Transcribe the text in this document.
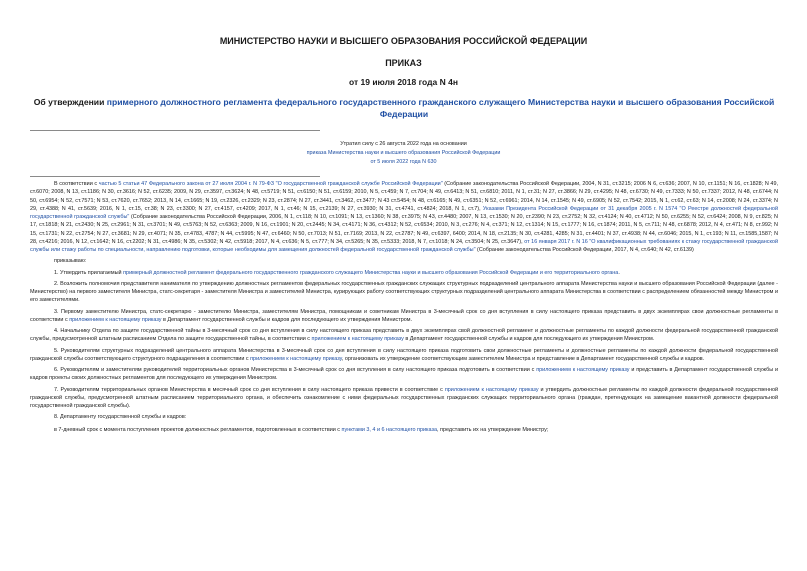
МИНИСТЕРСТВО НАУКИ И ВЫСШЕГО ОБРАЗОВАНИЯ РОССИЙСКОЙ ФЕДЕРАЦИИ
ПРИКАЗ
от 19 июля 2018 года N 4н
Об утверждении примерного должностного регламента федерального государственного гражданского служащего Министерства науки и высшего образования Российской Федерации
Утратил силу с 26 августа 2022 года на основании
приказа Министерства науки и высшего образования Российской Федерации
от 5 июля 2022 года N 630

В соответствии с частью 5 статьи 47 Федерального закона от 27 июля 2004 г. N 79-ФЗ "О государственной гражданской службе Российской Федерации" (Собрание законодательства Российской Федерации, 2004, N 31, ст.3215; 2006 N 6, ст.636; 2007, N 10, ст.1151; N 16, ст.1828; N 49, ст.6070; 2008, N 13, ст.1186; N 30, ст.3616; N 52, ст.6235; 2009, N 29, ст.3597, ст.3624; N 48, ст.5719; N 51, ст.6150; N 51, ст.6159; 2010, N 5, ст.459; N 7, ст.704; N 49, ст.6413; N 51, ст.6810; 2011, N 1, ст.31; N 27, ст.3866; N 29, ст.4295; N 48, ст.6730; N 49, ст.7333; N 50, ст.7337; 2012, N 48, ст.6744; N 50, ст.6954; N 52, ст.7571; N 53, ст.7620, ст.7652; 2013, N 14, ст.1665; N 19, ст.2326, ст.2329; N 23, ст.2874; N 27, ст.3441, ст.3462, ст.3477; N 43 ст.5454; N 48, ст.6165; N 49, ст.6351; N 52, ст.6961; 2014, N 14, ст.1545; N 49, ст.6905; N 52, ст.7542; 2015, N 1, ст.62, ст.63; N 14, ст.2008; N 24, ст.3374; N 29, ст.4388; N 41, ст.5639; 2016, N 1, ст.15, ст.38; N 23, ст.3300; N 27, ст.4157, ст.4209; 2017, N 1, ст.46; N 15, ст.2139; N 27, ст.3930; N 31, ст.4741, ст.4824; 2018, N 1, ст.7), Указами Президента Российской Федерации от 31 декабря 2005 г. N 1574 "О Реестре должностей федеральной государственной гражданской службы" (Собрание законодательства Российской Федерации, 2006, N 1, ст.118; N 10, ст.1091; N 13, ст.1360; N 38, ст.3975; N 43, ст.4480; 2007, N 13, ст.1530; N 20, ст.2390; N 23, ст.2752; N 32, ст.4124; N 40, ст.4712; N 50, ст.6255; N 52, ст.6424; 2008, N 9, ст.825; N 17, ст.1818; N 21, ст.2430; N 25, ст.2961; N 31, ст.3701; N 49, ст.5763; N 52, ст.6363; 2009, N 16, ст.1901; N 20, ст.2445; N 34, ст.4171; N 36, ст.4312; N 52, ст.6534; 2010, N 3, ст.276; N 4, ст.371; N 12, ст.1314; N 15, ст.1777; N 16, ст.1874; 2011, N 5, ст.711; N 48, ст.6878; 2012, N 4, ст.471; N 8, ст.992; N 15, ст.1731; N 22, ст.2754; N 27, ст.3681; N 29, ст.4071; N 35, ст.4783, 4787; N 44, ст.5995; N 47, ст.6460; N 50, ст.7013; N 51, ст.7169; 2013, N 22, ст.2787; N 49, ст.6397, 6400; 2014, N 18, ст.2135; N 30, ст.4281, 4285; N 31, ст.4401; N 37, ст.4938; N 44, ст.6046; 2015, N 1, ст.193; N 11, ст.1585,1587; N 28, ст.4216; 2016, N 12, ст.1642; N 16, ст.2202; N 31, ст.4986; N 35, ст.5302; N 42, ст.5918; 2017, N 4, ст.636; N 5, ст.777; N 34, ст.5265; N 35, ст.5333; 2018, N 7, ст.1018; N 24, ст.3504; N 25, ст.3647), от 16 января 2017 г. N 16 "О квалификационных требованиях к стажу государственной гражданской службы или стажу работы по специальности, направлению подготовки, которые необходимы для замещения должностей федеральной государственной гражданской службы" (Собрание законодательства Российской Федерации, 2017, N 4, ст.640; N 42, ст.6139)

приказываю:

1. Утвердить прилагаемый примерный должностной регламент федерального государственного гражданского служащего Министерства науки и высшего образования Российской Федерации и его территориального органа.

2. Возложить полномочия представителя нанимателя по утверждению должностных регламентов федеральных государственных гражданских служащих структурных подразделений центрального аппарата Министерства науки и высшего образования Российской Федерации (далее - Министерство) на первого заместителя Министра, статс-секретаря - заместителя Министра и заместителей Министра, курирующих работу соответствующих структурных подразделений центрального аппарата Министерства в соответствии с распределением обязанностей между Министром и его заместителями.

3. Первому заместителю Министра, статс-секретарю - заместителю Министра, заместителям Министра, помощникам и советникам Министра в 3-месячный срок со дня вступления в силу настоящего приказа представить в двух экземплярах свои должностные регламенты в соответствии с приложением к настоящему приказу в Департамент государственной службы и кадров для последующего их утверждения Министром.

4. Начальнику Отдела по защите государственной тайны в 3-месячный срок со дня вступления в силу настоящего приказа представить в двух экземплярах свой должностной регламент и должностные регламенты по каждой должности федеральной государственной гражданской службы, предусмотренной штатным расписанием Отдела по защите государственной тайны, в соответствии с приложением к настоящему приказу в Департамент государственной службы и кадров для последующего их утверждения Министром.

5. Руководителям структурных подразделений центрального аппарата Министерства в 3-месячный срок со дня вступления в силу настоящего приказа подготовить свои должностные регламенты и должностные регламенты по каждой должности федеральной государственной гражданской службы соответствующего структурного подразделения в соответствии с приложением к настоящему приказу, организовать их утверждение соответствующим заместителем Министра и представление в Департамент государственной службы и кадров.

6. Руководителям и заместителям руководителей территориальных органов Министерства в 3-месячный срок со дня вступления в силу настоящего приказа подготовить в соответствии с приложением к настоящему приказу и представить в Департамент государственной службы и кадров проекты своих должностных регламентов для последующего их утверждения Министром.

7. Руководителям территориальных органов Министерства в месячный срок со дня вступления в силу настоящего приказа привести в соответствие с приложением к настоящему приказу и утвердить должностные регламенты по каждой должности федеральной государственной гражданской службы, предусмотренной штатным расписанием территориального органа, и обеспечить ознакомление с ними федеральных государственных гражданских служащих территориального органа (граждан, претендующих на замещение вакантной должности федеральной государственной гражданской службы).

8. Департаменту государственной службы и кадров:

в 7-дневный срок с момента поступления проектов должностных регламентов, подготовленных в соответствии с пунктами 3, 4 и 6 настоящего приказа, представить их на утверждение Министру;
